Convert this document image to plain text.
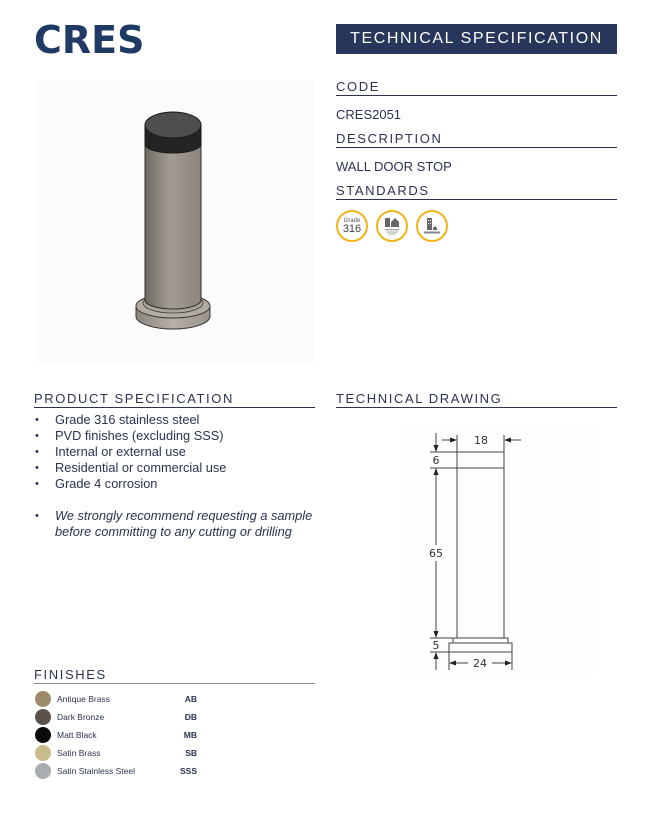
CRES	TECHNICAL SPECIFICATION
CODE
CRES2051
DESCRIPTION
WALL DOOR STOP
STANDARDS
Grade
316
PRODUCT SPECIFICATION
• Grade 316 stainless steel
• PVD finishes (excluding SSS)
• Internal or external use
• Residential or commercial use
• Grade 4 corrosion
• We strongly recommend requesting a sample before committing to any cutting or drilling
TECHNICAL DRAWING
18
6
65
5
24
FINISHES
Antique Brass	AB
Dark Bronze	DB
Matt Black	MB
Satin Brass	SB
Satin Stainless Steel	SSS
